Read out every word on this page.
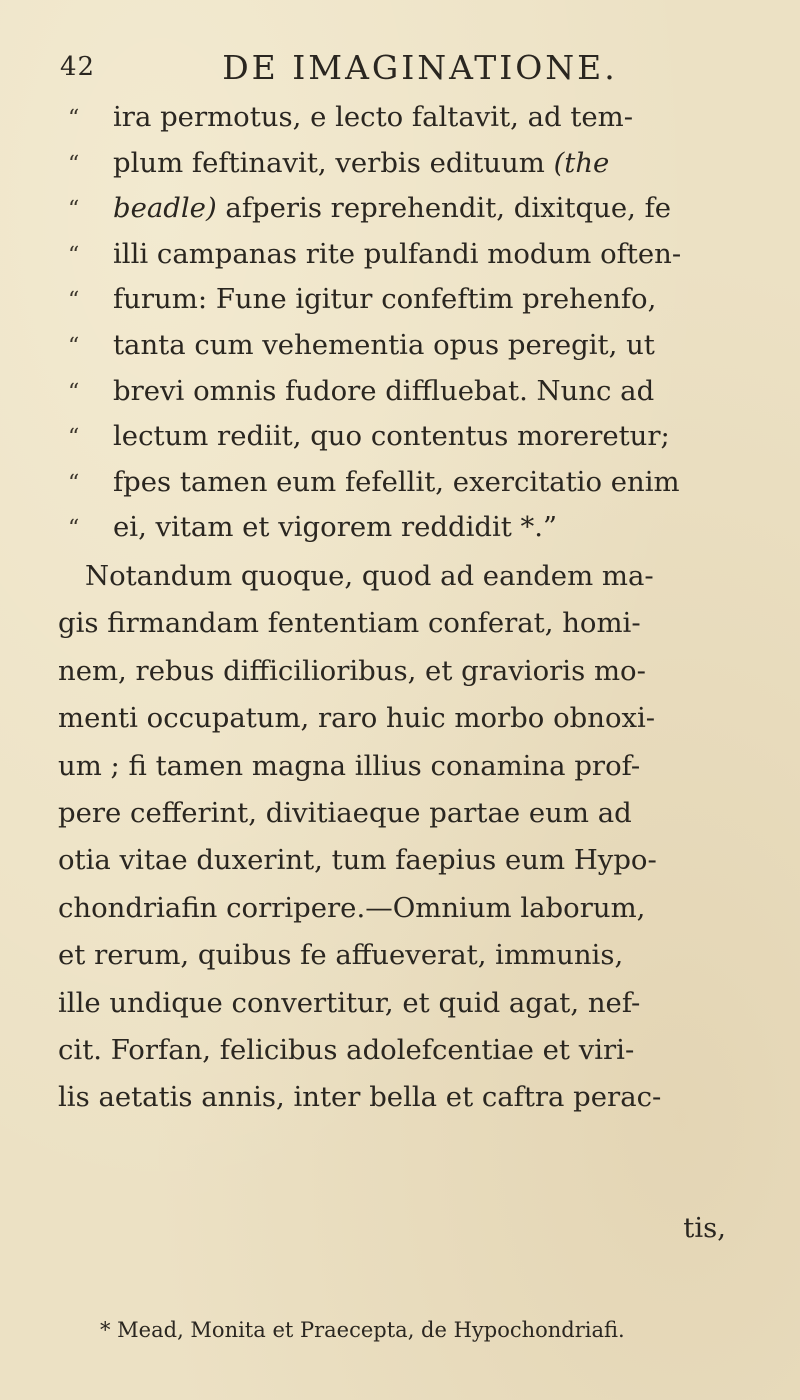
42	DE IMAGINATIONE.
“ ira permotus, e lecto faltavit, ad tem-
“ plum feftinavit, verbis edituum (the
“ beadle) afperis reprehendit, dixitque, fe
“ illi campanas rite pulfandi modum often-
“ furum: Fune igitur confeftim prehenfo,
“ tanta cum vehementia opus peregit, ut
“ brevi omnis fudore diffluebat. Nunc ad
“ lectum rediit, quo contentus moreretur;
“ fpes tamen eum fefellit, exercitatio enim
“ ei, vitam et vigorem reddidit *.”
Notandum quoque, quod ad eandem ma-
gis firmandam fententiam conferat, homi-
nem, rebus difficilioribus, et gravioris mo-
menti occupatum, raro huic morbo obnoxi-
um ; fi tamen magna illius conamina prof-
pere cefferint, divitiaeque partae eum ad
otia vitae duxerint, tum faepius eum Hypo-
chondriafin corripere.—Omnium laborum,
et rerum, quibus fe affueverat, immunis,
ille undique convertitur, et quid agat, nef-
cit. Forfan, felicibus adolefcentiae et viri-
lis aetatis annis, inter bella et caftra perac-
tis,
* Mead, Monita et Praecepta, de Hypochondriafi.
